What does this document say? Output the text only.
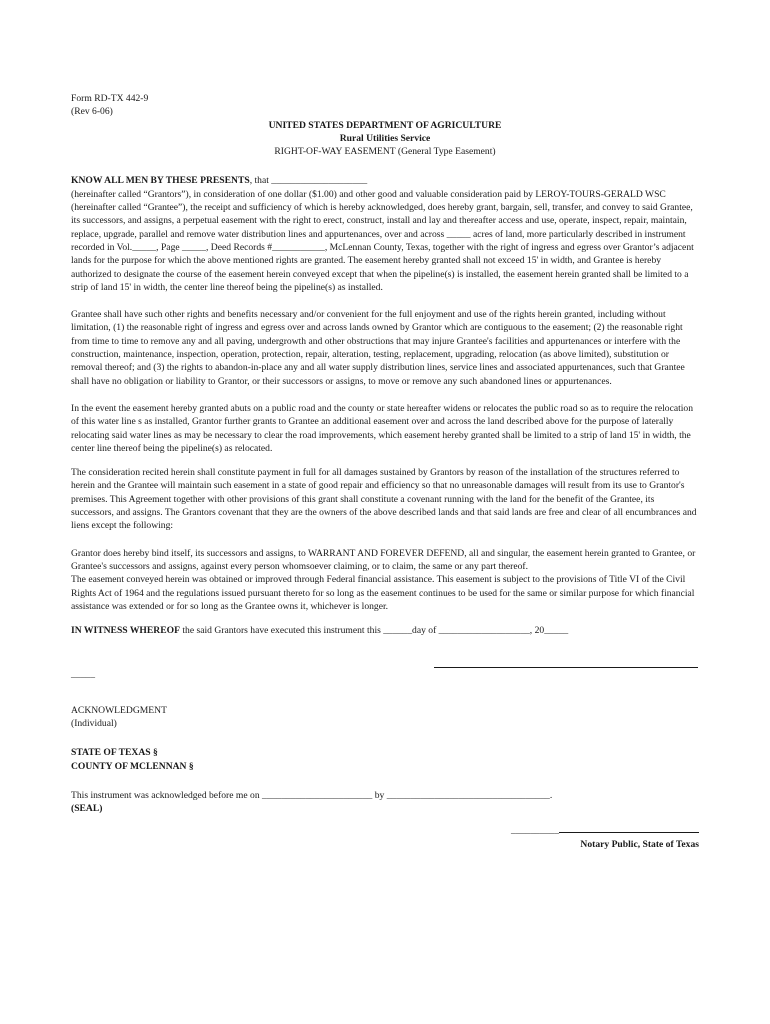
Form RD-TX 442-9

(Rev 6-06)

UNITED STATES DEPARTMENT OF AGRICULTURE

Rural Utilities Service

RIGHT-OF-WAY EASEMENT (General Type Easement)

KNOW ALL MEN BY THESE PRESENTS, that ____________________

(hereinafter called “Grantors”), in consideration of one dollar ($1.00) and other good and valuable consideration paid by LEROY-TOURS-GERALD WSC (hereinafter called “Grantee”), the receipt and sufficiency of which is hereby acknowledged, does hereby grant, bargain, sell, transfer, and convey to said Grantee, its successors, and assigns, a perpetual easement with the right to erect, construct, install and lay and thereafter access and use, operate, inspect, repair, maintain, replace, upgrade, parallel and remove water distribution lines and appurtenances, over and across _____ acres of land, more particularly described in instrument recorded in Vol._____, Page _____, Deed Records #___________, McLennan County, Texas, together with the right of ingress and egress over Grantor’s adjacent lands for the purpose for which the above mentioned rights are granted. The easement hereby granted shall not exceed 15' in width, and Grantee is hereby authorized to designate the course of the easement herein conveyed except that when the pipeline(s) is installed, the easement herein granted shall be limited to a strip of land 15' in width, the center line thereof being the pipeline(s) as installed.

Grantee shall have such other rights and benefits necessary and/or convenient for the full enjoyment and use of the rights herein granted, including without limitation, (1) the reasonable right of ingress and egress over and across lands owned by Grantor which are contiguous to the easement; (2) the reasonable right from time to time to remove any and all paving, undergrowth and other obstructions that may injure Grantee's facilities and appurtenances or interfere with the construction, maintenance, inspection, operation, protection, repair, alteration, testing, replacement, upgrading, relocation (as above limited), substitution or removal thereof; and (3) the rights to abandon-in-place any and all water supply distribution lines, service lines and associated appurtenances, such that Grantee shall have no obligation or liability to Grantor, or their successors or assigns, to move or remove any such abandoned lines or appurtenances.

In the event the easement hereby granted abuts on a public road and the county or state hereafter widens or relocates the public road so as to require the relocation of this water line s as installed, Grantor further grants to Grantee an additional easement over and across the land described above for the purpose of laterally relocating said water lines as may be necessary to clear the road improvements, which easement hereby granted shall be limited to a strip of land 15' in width, the center line thereof being the pipeline(s) as relocated.

The consideration recited herein shall constitute payment in full for all damages sustained by Grantors by reason of the installation of the structures referred to herein and the Grantee will maintain such easement in a state of good repair and efficiency so that no unreasonable damages will result from its use to Grantor's premises. This Agreement together with other provisions of this grant shall constitute a covenant running with the land for the benefit of the Grantee, its successors, and assigns. The Grantors covenant that they are the owners of the above described lands and that said lands are free and clear of all encumbrances and liens except the following:

Grantor does hereby bind itself, its successors and assigns, to WARRANT AND FOREVER DEFEND, all and singular, the easement herein granted to Grantee, or Grantee's successors and assigns, against every person whomsoever claiming, or to claim, the same or any part thereof.

The easement conveyed herein was obtained or improved through Federal financial assistance. This easement is subject to the provisions of Title VI of the Civil Rights Act of 1964 and the regulations issued pursuant thereto for so long as the easement continues to be used for the same or similar purpose for which financial assistance was extended or for so long as the Grantee owns it, whichever is longer.

IN WITNESS WHEREOF the said Grantors have executed this instrument this ______day of ___________________, 20_____

_____

ACKNOWLEDGMENT

(Individual)

STATE OF TEXAS §

COUNTY OF MCLENNAN §

This instrument was acknowledged before me on _______________________ by __________________________________.

(SEAL)

__________
Notary Public, State of Texas
